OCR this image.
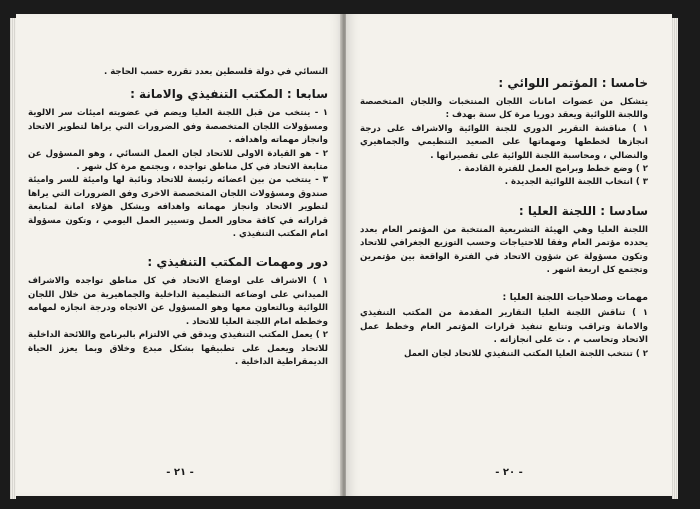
النسائي في دولة فلسطين بعدد تقرره حسب الحاجة .

سابعا : المكتب التنفيذي والامانة :

١ - ينتخب من قبل اللجنة العليا ويضم في عضويته اميئات سر الالوية ومسؤولات اللجان المتخصصة وفق الضرورات التي يراها لتطوير الاتحاد وانجاز مهماته واهدافه .

٢ - هو القيادة الاولى للاتحاد لجان العمل النسائي ، وهو المسؤول عن متابعة الاتحاد في كل مناطق تواجده ، ويجتمع مرة كل شهر .

٣ - ينتخب من بين اعضائه رئيسة للاتحاد ونائبة لها واميئة للسر واميئة صندوق ومسؤولات اللجان المتخصصة الاخرى وفق الضرورات التي يراها لتطوير الاتحاد وانجاز مهماته واهدافه ويشكل هؤلاء امانة لمتابعة قراراته في كافة محاور العمل وتسيير العمل اليومي ، وتكون مسؤولة امام المكتب التنفيذي .

دور ومهمات المكتب التنفيذي :

١ ) الاشراف على اوضاع الاتحاد في كل مناطق تواجده والاشراف الميداني على اوضاعه التنظيمية الداخلية والجماهيرية من خلال اللجان اللوائية وبالتعاون معها وهو المسؤول عن الاتجاه ودرجة انجازه لمهامه وخططه امام اللجنة العليا للاتحاد .

٢ ) يعمل المكتب التنفيذي ويدقق في الالتزام بالبرنامج واللائحة الداخلية للاتحاد ويعمل على تطبيقها بشكل مبدع وخلاق وبما يعزز الحياة الديمقراطية الداخلية .

- ٢١ -
خامسا : المؤتمر اللوائي :

يتشكل من عضوات امانات اللجان المنتخبات واللجان المتخصصة واللجنة اللوائية ويعقد دوريا مرة كل سنة بهدف :

١ ) مناقشة التقرير الدوري للجنة اللوائية والاشراف على درجة انجازها لخططها ومهماتها على الصعيد التنظيمي والجماهيري والنضالي ، ومحاسبة اللجنة اللوائية على تقصيراتها .

٢ ) وضع خطط وبرامج العمل للفترة القادمة .

٣ ) انتخاب اللجنة اللوائية الجديدة .

سادسا : اللجنة العليا :

اللجنة العليا وهي الهيئة التشريعية المنتخبة من المؤتمر العام بعدد يحدده مؤتمر العام وفقا للاحتياجات وحسب التوزيع الجغرافي للاتحاد وتكون مسؤولة عن شؤون الاتحاد في الفترة الواقعة بين مؤتمرين وتجتمع كل اربعة اشهر .

مهمات وصلاحيات اللجنة العليا :

١ ) تناقش اللجنة العليا التقارير المقدمة من المكتب التنفيذي والامانة وتراقب وتتابع تنفيذ قرارات المؤتمر العام وخطط عمل الاتحاد وتحاسب م . ت على انجازاته .

٢ ) تنتخب اللجنة العليا المكتب التنفيذي للاتحاد لجان العمل

- ٢٠ -
